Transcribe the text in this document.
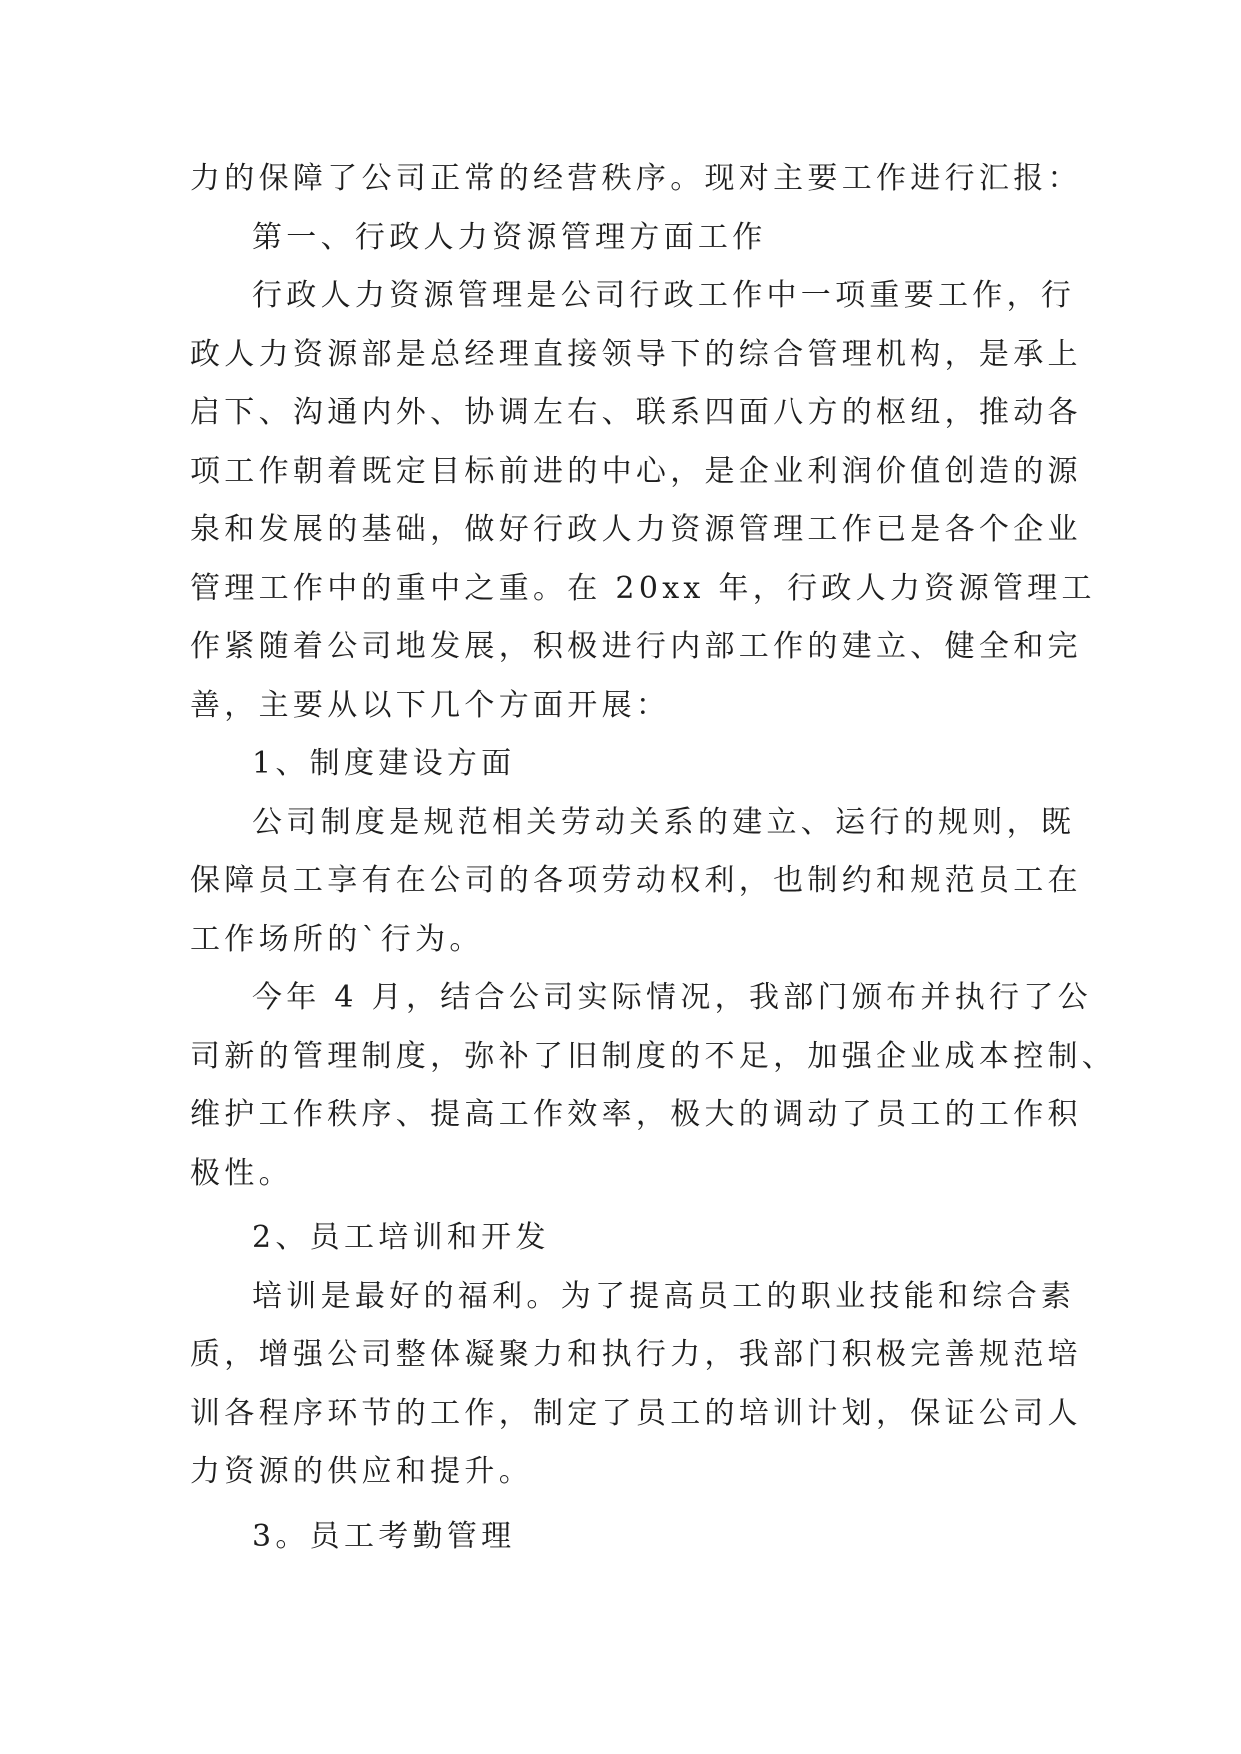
力的保障了公司正常的经营秩序。现对主要工作进行汇报：
第一、行政人力资源管理方面工作
行政人力资源管理是公司行政工作中一项重要工作，行
政人力资源部是总经理直接领导下的综合管理机构，是承上
启下、沟通内外、协调左右、联系四面八方的枢纽，推动各
项工作朝着既定目标前进的中心，是企业利润价值创造的源
泉和发展的基础，做好行政人力资源管理工作已是各个企业
管理工作中的重中之重。在 20xx 年，行政人力资源管理工
作紧随着公司地发展，积极进行内部工作的建立、健全和完
善，主要从以下几个方面开展：
1、制度建设方面
公司制度是规范相关劳动关系的建立、运行的规则，既
保障员工享有在公司的各项劳动权利，也制约和规范员工在
工作场所的`行为。
今年 4 月，结合公司实际情况，我部门颁布并执行了公
司新的管理制度，弥补了旧制度的不足，加强企业成本控制、
维护工作秩序、提高工作效率，极大的调动了员工的工作积
极性。
2、员工培训和开发
培训是最好的福利。为了提高员工的职业技能和综合素
质，增强公司整体凝聚力和执行力，我部门积极完善规范培
训各程序环节的工作，制定了员工的培训计划，保证公司人
力资源的供应和提升。
3。员工考勤管理
